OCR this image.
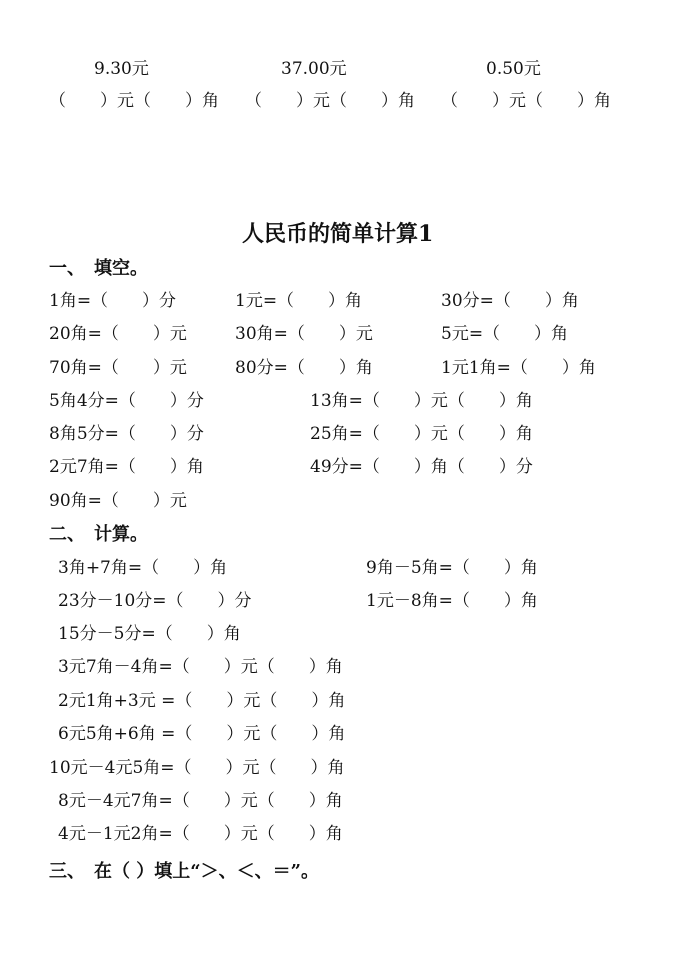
9.30元	37.00元	0.50元
（　　）元（　　）角 （　　）元（　　）角 （　　）元（　　）角
人民币的简单计算1
一、　填空。
1角=（　　）分	1元=（　　）角	30分=（　　）角
20角=（　　）元	30角=（　　）元	5元=（　　）角
70角=（　　）元	80分=（　　）角	1元1角=（　　）角
5角4分=（　　）分	13角=（　　）元（　　）角
8角5分=（　　）分	25角=（　　）元（　　）角
2元7角=（　　）角	49分=（　　）角（　　）分
90角=（　　）元
二、　计算。
3角+7角=（　　）角	9角－5角=（　　）角
23分－10分=（　　）分	1元－8角=（　　）角
15分－5分=（　　）角
3元7角－4角=（　　）元（　　）角
2元1角+3元 =（　　）元（　　）角
6元5角+6角 =（　　）元（　　）角
10元－4元5角=（　　）元（　　）角
8元－4元7角=（　　）元（　　）角
4元－1元2角=（　　）元（　　）角
三、　在（ ）填上“＞、＜、＝”。
